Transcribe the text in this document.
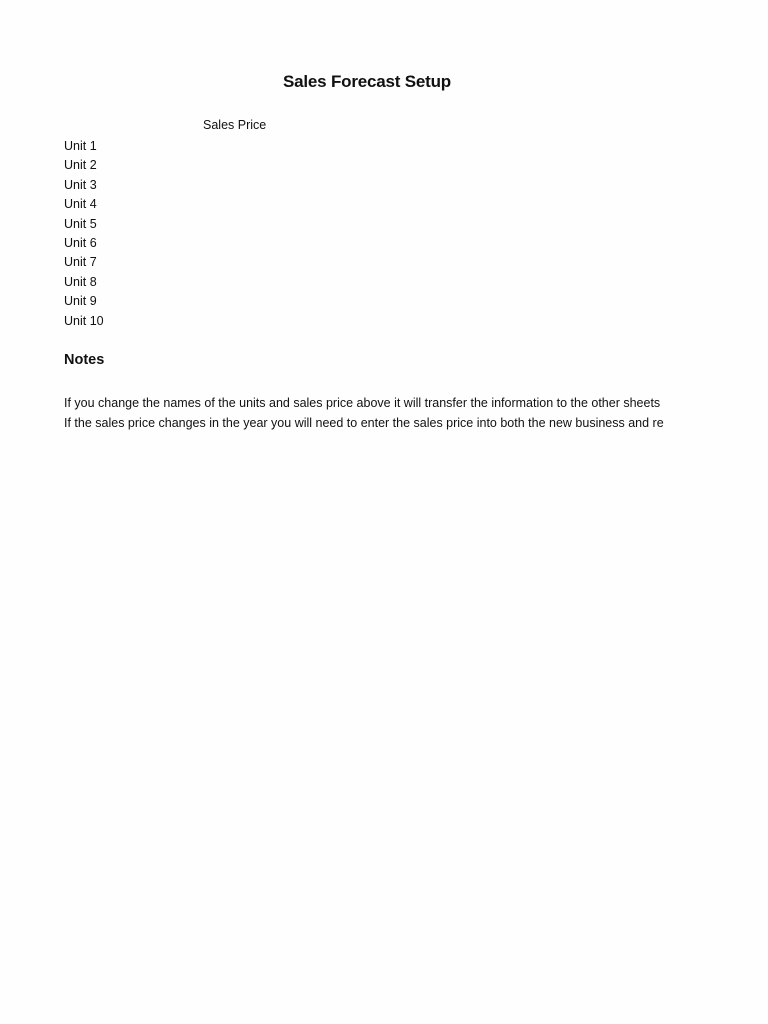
Sales Forecast Setup
Sales Price
Unit 1
Unit 2
Unit 3
Unit 4
Unit 5
Unit 6
Unit 7
Unit 8
Unit 9
Unit 10
Notes
If you change the names of the units and sales price above it will transfer the information to the other sheets
If the sales price changes in the year you will need to enter the sales price into both the new business and re
